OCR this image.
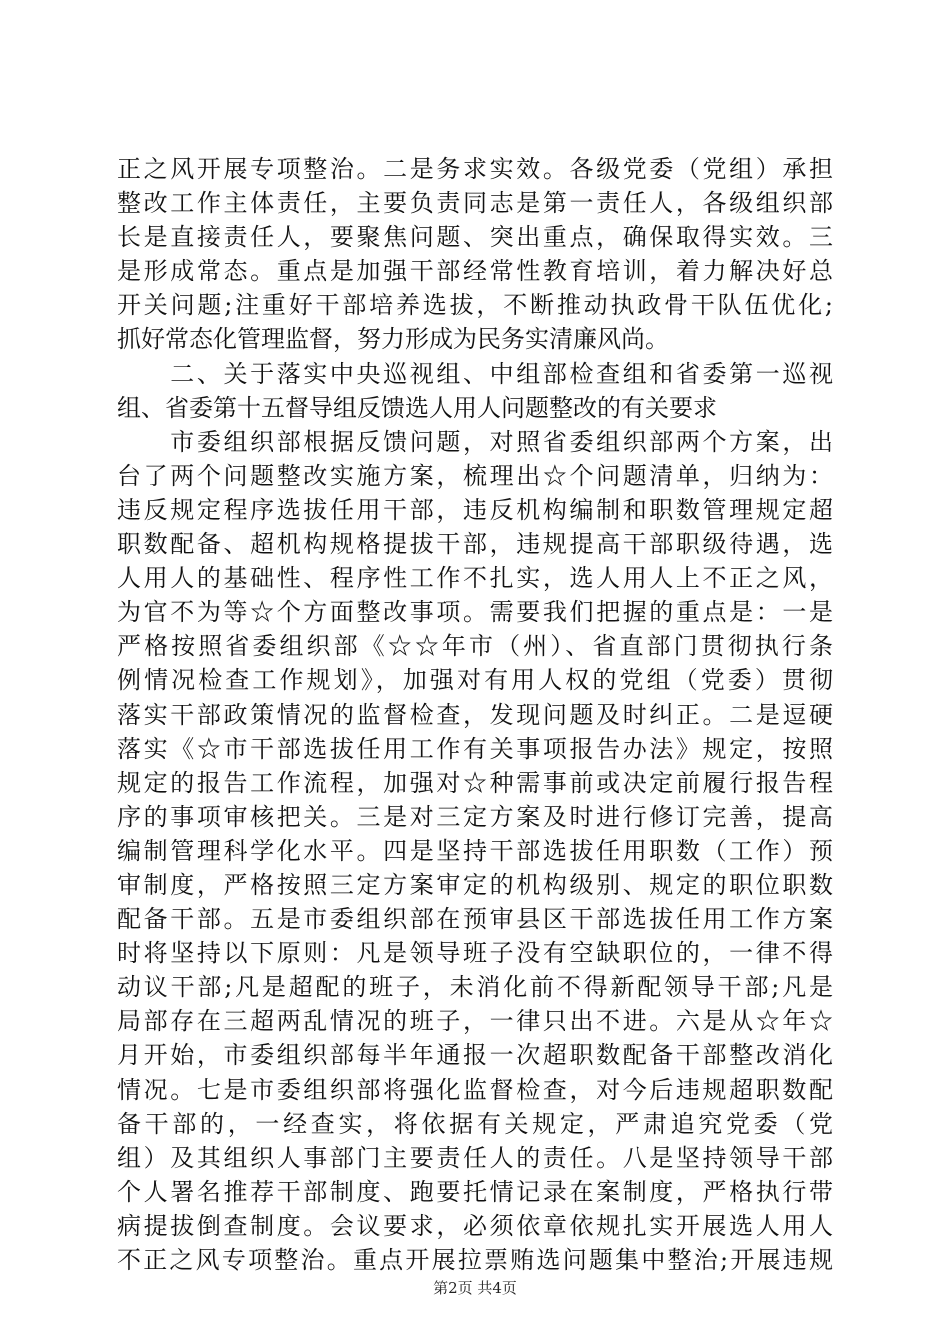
正之风开展专项整治。二是务求实效。各级党委（党组）承担
整改工作主体责任，主要负责同志是第一责任人，各级组织部
长是直接责任人，要聚焦问题、突出重点，确保取得实效。三
是形成常态。重点是加强干部经常性教育培训，着力解决好总
开关问题;注重好干部培养选拔，不断推动执政骨干队伍优化;
抓好常态化管理监督，努力形成为民务实清廉风尚。
　　二、关于落实中央巡视组、中组部检查组和省委第一巡视
组、省委第十五督导组反馈选人用人问题整改的有关要求
　　市委组织部根据反馈问题，对照省委组织部两个方案，出
台了两个问题整改实施方案，梳理出☆个问题清单，归纳为：
违反规定程序选拔任用干部，违反机构编制和职数管理规定超
职数配备、超机构规格提拔干部，违规提高干部职级待遇，选
人用人的基础性、程序性工作不扎实，选人用人上不正之风，
为官不为等☆个方面整改事项。需要我们把握的重点是：一是
严格按照省委组织部《☆☆年市（州）、省直部门贯彻执行条
例情况检查工作规划》，加强对有用人权的党组（党委）贯彻
落实干部政策情况的监督检查，发现问题及时纠正。二是逗硬
落实《☆市干部选拔任用工作有关事项报告办法》规定，按照
规定的报告工作流程，加强对☆种需事前或决定前履行报告程
序的事项审核把关。三是对三定方案及时进行修订完善，提高
编制管理科学化水平。四是坚持干部选拔任用职数（工作）预
审制度，严格按照三定方案审定的机构级别、规定的职位职数
配备干部。五是市委组织部在预审县区干部选拔任用工作方案
时将坚持以下原则：凡是领导班子没有空缺职位的，一律不得
动议干部;凡是超配的班子，未消化前不得新配领导干部;凡是
局部存在三超两乱情况的班子，一律只出不进。六是从☆年☆
月开始，市委组织部每半年通报一次超职数配备干部整改消化
情况。七是市委组织部将强化监督检查，对今后违规超职数配
备干部的，一经查实，将依据有关规定，严肃追究党委（党
组）及其组织人事部门主要责任人的责任。八是坚持领导干部
个人署名推荐干部制度、跑要托情记录在案制度，严格执行带
病提拔倒查制度。会议要求，必须依章依规扎实开展选人用人
不正之风专项整治。重点开展拉票贿选问题集中整治;开展违规
第2页 共4页
